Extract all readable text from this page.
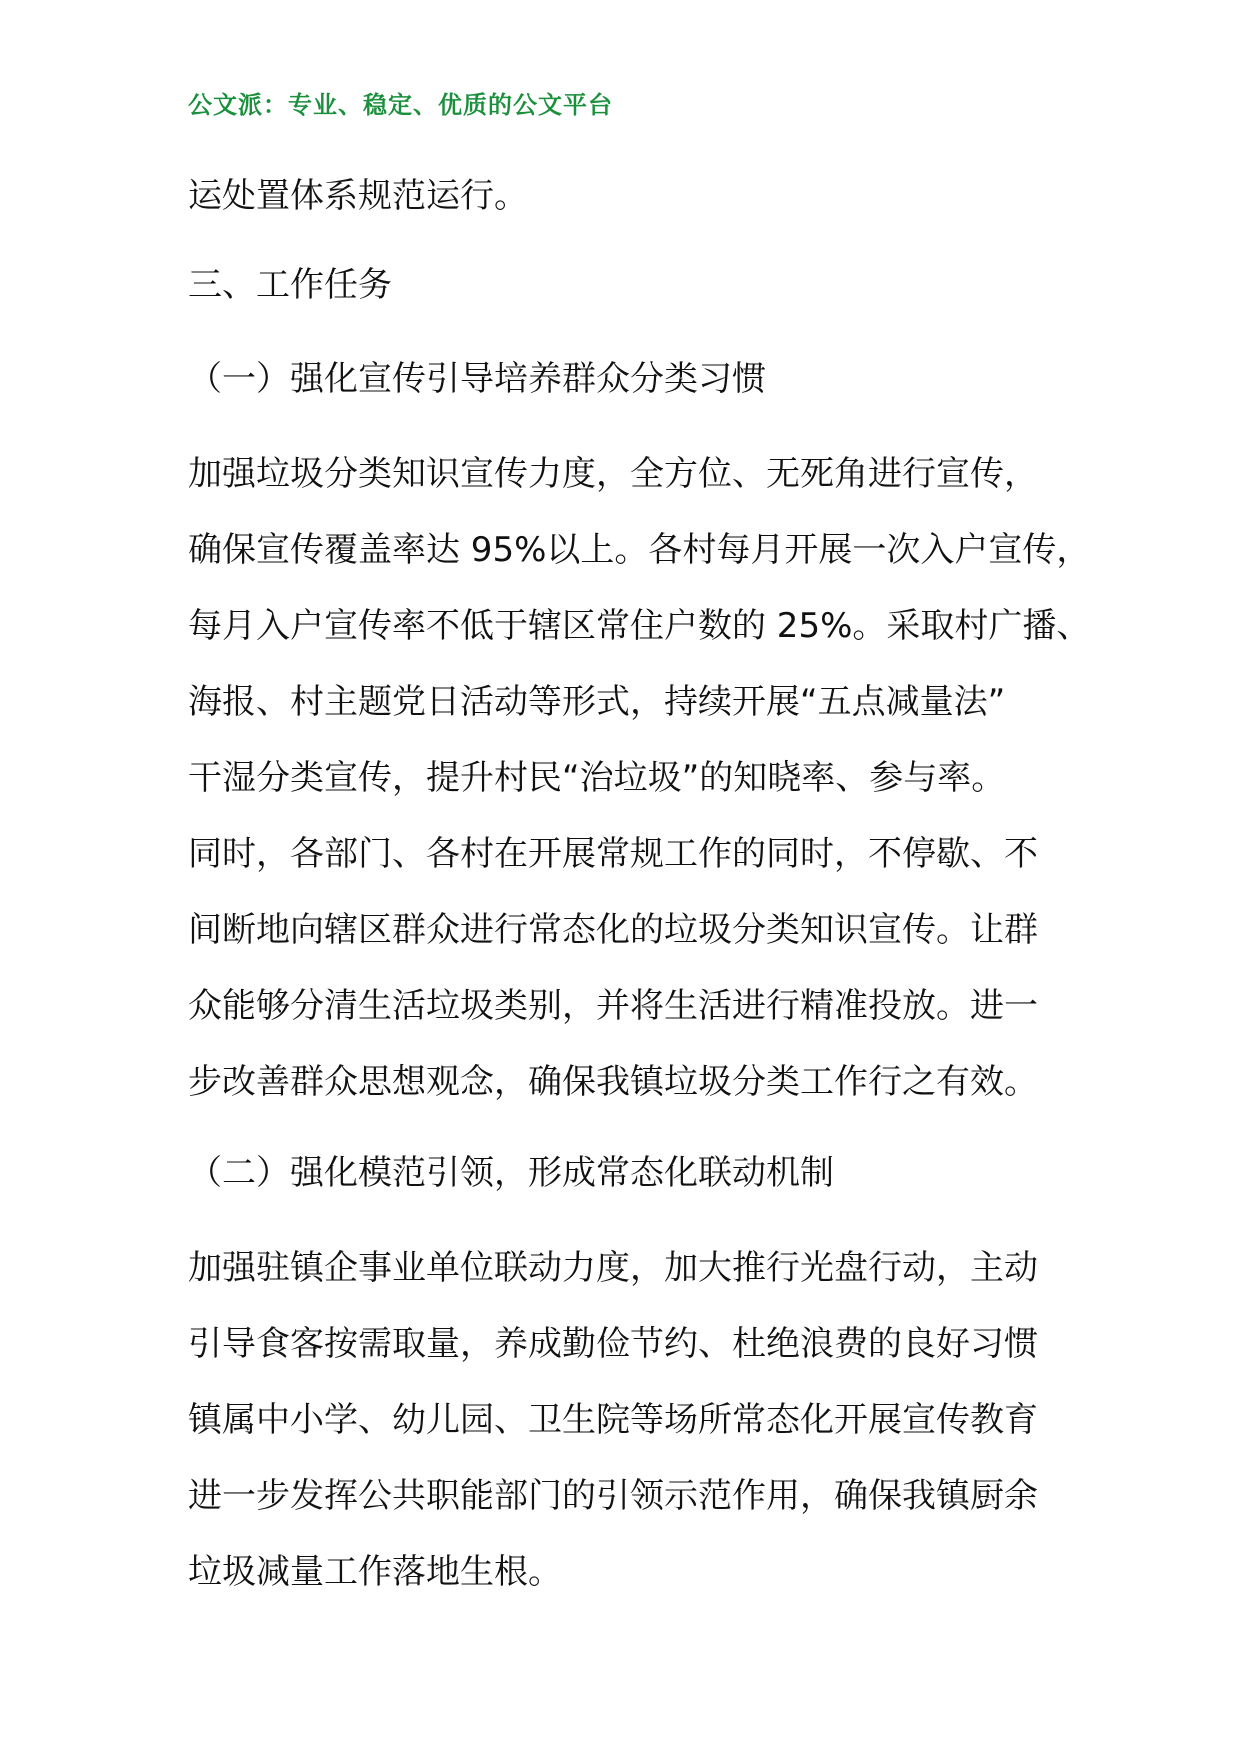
公文派：专业、稳定、优质的公文平台
运处置体系规范运行。
三、工作任务
（一）强化宣传引导培养群众分类习惯
加强垃圾分类知识宣传力度，全方位、无死角进行宣传，
确保宣传覆盖率达 95%以上。各村每月开展一次入户宣传，
每月入户宣传率不低于辖区常住户数的 25%。采取村广播、
海报、村主题党日活动等形式，持续开展“五点减量法”
干湿分类宣传，提升村民“治垃圾”的知晓率、参与率。
同时，各部门、各村在开展常规工作的同时，不停歇、不
间断地向辖区群众进行常态化的垃圾分类知识宣传。让群
众能够分清生活垃圾类别，并将生活进行精准投放。进一
步改善群众思想观念，确保我镇垃圾分类工作行之有效。
（二）强化模范引领，形成常态化联动机制
加强驻镇企事业单位联动力度，加大推行光盘行动，主动
引导食客按需取量，养成勤俭节约、杜绝浪费的良好习惯
镇属中小学、幼儿园、卫生院等场所常态化开展宣传教育
进一步发挥公共职能部门的引领示范作用，确保我镇厨余
垃圾减量工作落地生根。
